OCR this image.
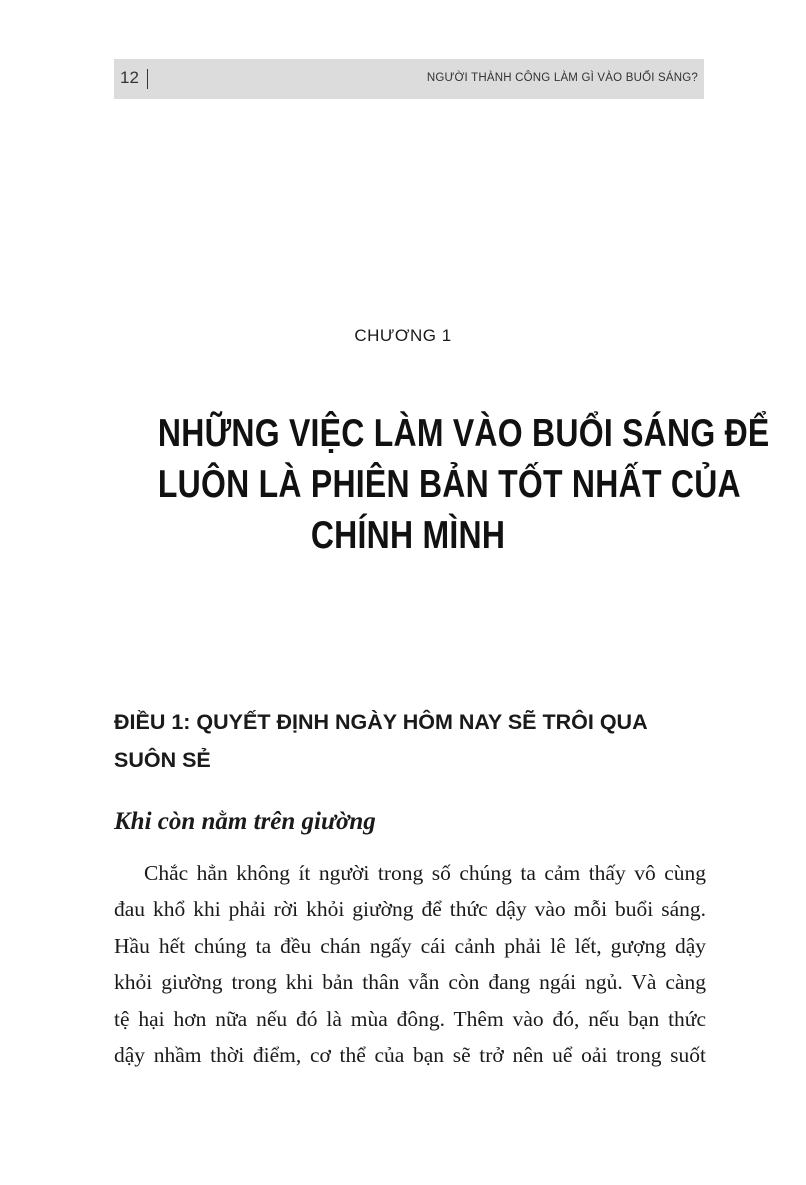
12	NGƯỜI THÀNH CÔNG LÀM GÌ VÀO BUỔI SÁNG?
CHƯƠNG 1
NHỮNG VIỆC LÀM VÀO BUỔI SÁNG ĐỂ
LUÔN LÀ PHIÊN BẢN TỐT NHẤT CỦA
CHÍNH MÌNH
ĐIỀU 1: QUYẾT ĐỊNH NGÀY HÔM NAY SẼ TRÔI QUA
SUÔN SẺ
Khi còn nằm trên giường

Chắc hẳn không ít người trong số chúng ta cảm thấy vô cùng
đau khổ khi phải rời khỏi giường để thức dậy vào mỗi buổi sáng.
Hầu hết chúng ta đều chán ngấy cái cảnh phải lê lết, gượng dậy
khỏi giường trong khi bản thân vẫn còn đang ngái ngủ. Và càng
tệ hại hơn nữa nếu đó là mùa đông. Thêm vào đó, nếu bạn thức
dậy nhầm thời điểm, cơ thể của bạn sẽ trở nên uể oải trong suốt
